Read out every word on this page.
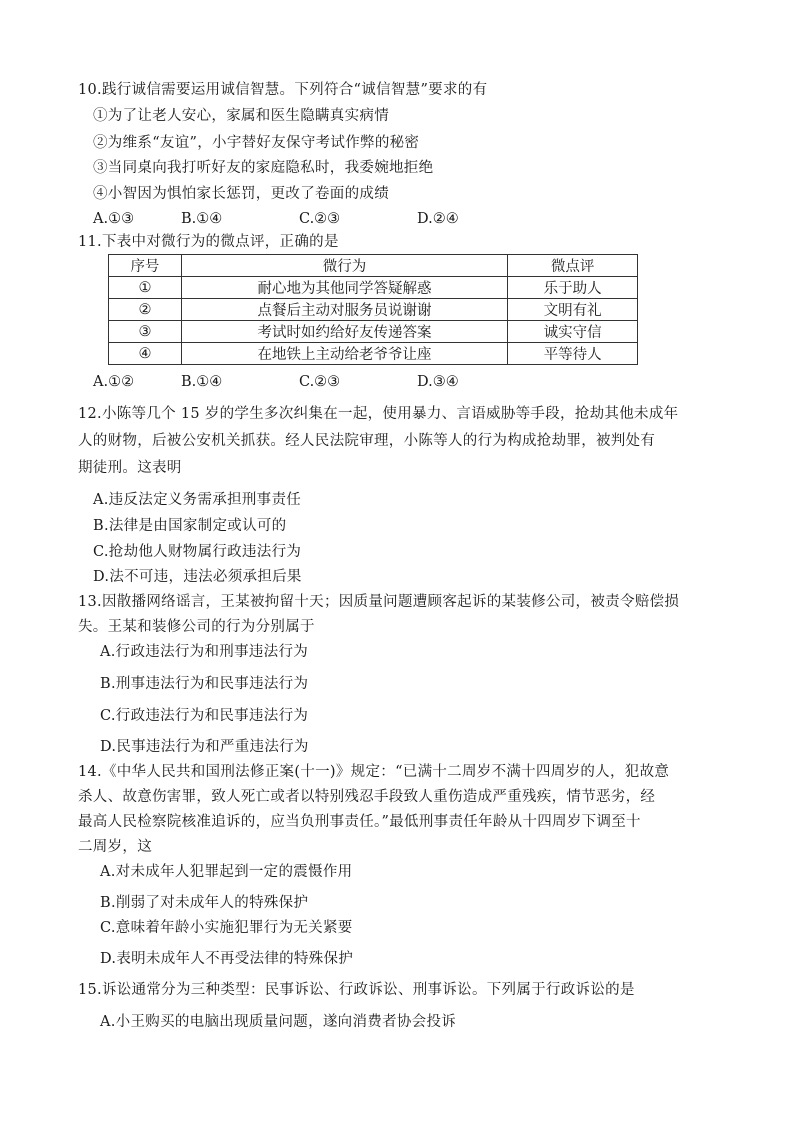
10.践行诚信需要运用诚信智慧。下列符合“诚信智慧”要求的有
①为了让老人安心，家属和医生隐瞒真实病情
②为维系“友谊”，小宇替好友保守考试作弊的秘密
③当同桌向我打听好友的家庭隐私时，我委婉地拒绝
④小智因为惧怕家长惩罚，更改了卷面的成绩
A.①③	B.①④	C.②③	D.②④
11.下表中对微行为的微点评，正确的是
序号	微行为	微点评
①	耐心地为其他同学答疑解惑	乐于助人
②	点餐后主动对服务员说谢谢	文明有礼
③	考试时如约给好友传递答案	诚实守信
④	在地铁上主动给老爷爷让座	平等待人
A.①②	B.①④	C.②③	D.③④
12.小陈等几个 15 岁的学生多次纠集在一起，使用暴力、言语威胁等手段，抢劫其他未成年
人的财物，后被公安机关抓获。经人民法院审理，小陈等人的行为构成抢劫罪，被判处有
期徒刑。这表明
A.违反法定义务需承担刑事责任
B.法律是由国家制定或认可的
C.抢劫他人财物属行政违法行为
D.法不可违，违法必须承担后果
13.因散播网络谣言，王某被拘留十天；因质量问题遭顾客起诉的某装修公司，被责令赔偿损
失。王某和装修公司的行为分别属于
A.行政违法行为和刑事违法行为
B.刑事违法行为和民事违法行为
C.行政违法行为和民事违法行为
D.民事违法行为和严重违法行为
14.《中华人民共和国刑法修正案(十一)》规定：“已满十二周岁不满十四周岁的人，犯故意
杀人、故意伤害罪，致人死亡或者以特别残忍手段致人重伤造成严重残疾，情节恶劣，经
最高人民检察院核准追诉的，应当负刑事责任。”最低刑事责任年龄从十四周岁下调至十
二周岁，这
A.对未成年人犯罪起到一定的震慑作用
B.削弱了对未成年人的特殊保护
C.意味着年龄小实施犯罪行为无关紧要
D.表明未成年人不再受法律的特殊保护
15.诉讼通常分为三种类型：民事诉讼、行政诉讼、刑事诉讼。下列属于行政诉讼的是
A.小王购买的电脑出现质量问题，遂向消费者协会投诉
